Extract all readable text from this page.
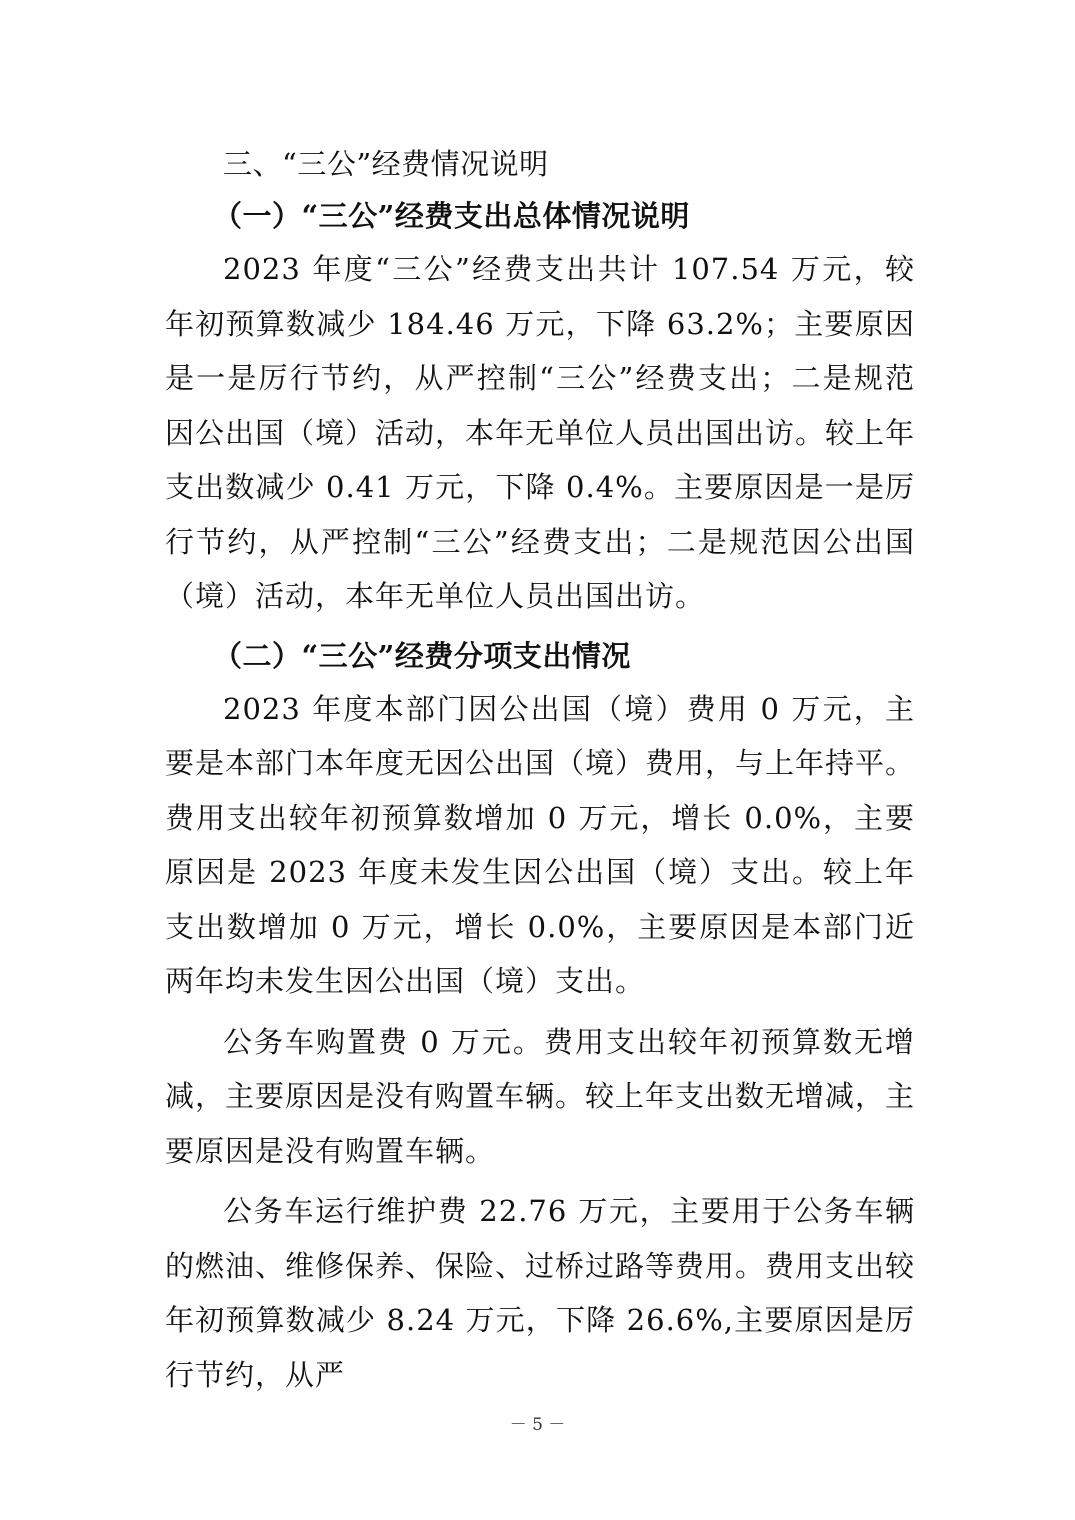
三、“三公”经费情况说明

（一）“三公”经费支出总体情况说明

2023 年度“三公”经费支出共计 107.54 万元，较年初预算数减少 184.46 万元，下降 63.2%；主要原因是一是厉行节约，从严控制“三公”经费支出；二是规范因公出国（境）活动，本年无单位人员出国出访。较上年支出数减少 0.41 万元，下降 0.4%。主要原因是一是厉行节约，从严控制“三公”经费支出；二是规范因公出国（境）活动，本年无单位人员出国出访。

（二）“三公”经费分项支出情况

2023 年度本部门因公出国（境）费用 0 万元，主要是本部门本年度无因公出国（境）费用，与上年持平。费用支出较年初预算数增加 0 万元，增长 0.0%，主要原因是 2023 年度未发生因公出国（境）支出。较上年支出数增加 0 万元，增长 0.0%，主要原因是本部门近两年均未发生因公出国（境）支出。

公务车购置费 0 万元。费用支出较年初预算数无增减，主要原因是没有购置车辆。较上年支出数无增减，主要原因是没有购置车辆。

公务车运行维护费 22.76 万元，主要用于公务车辆的燃油、维修保养、保险、过桥过路等费用。费用支出较年初预算数减少 8.24 万元，下降 26.6%,主要原因是厉行节约，从严

－ 5 －
